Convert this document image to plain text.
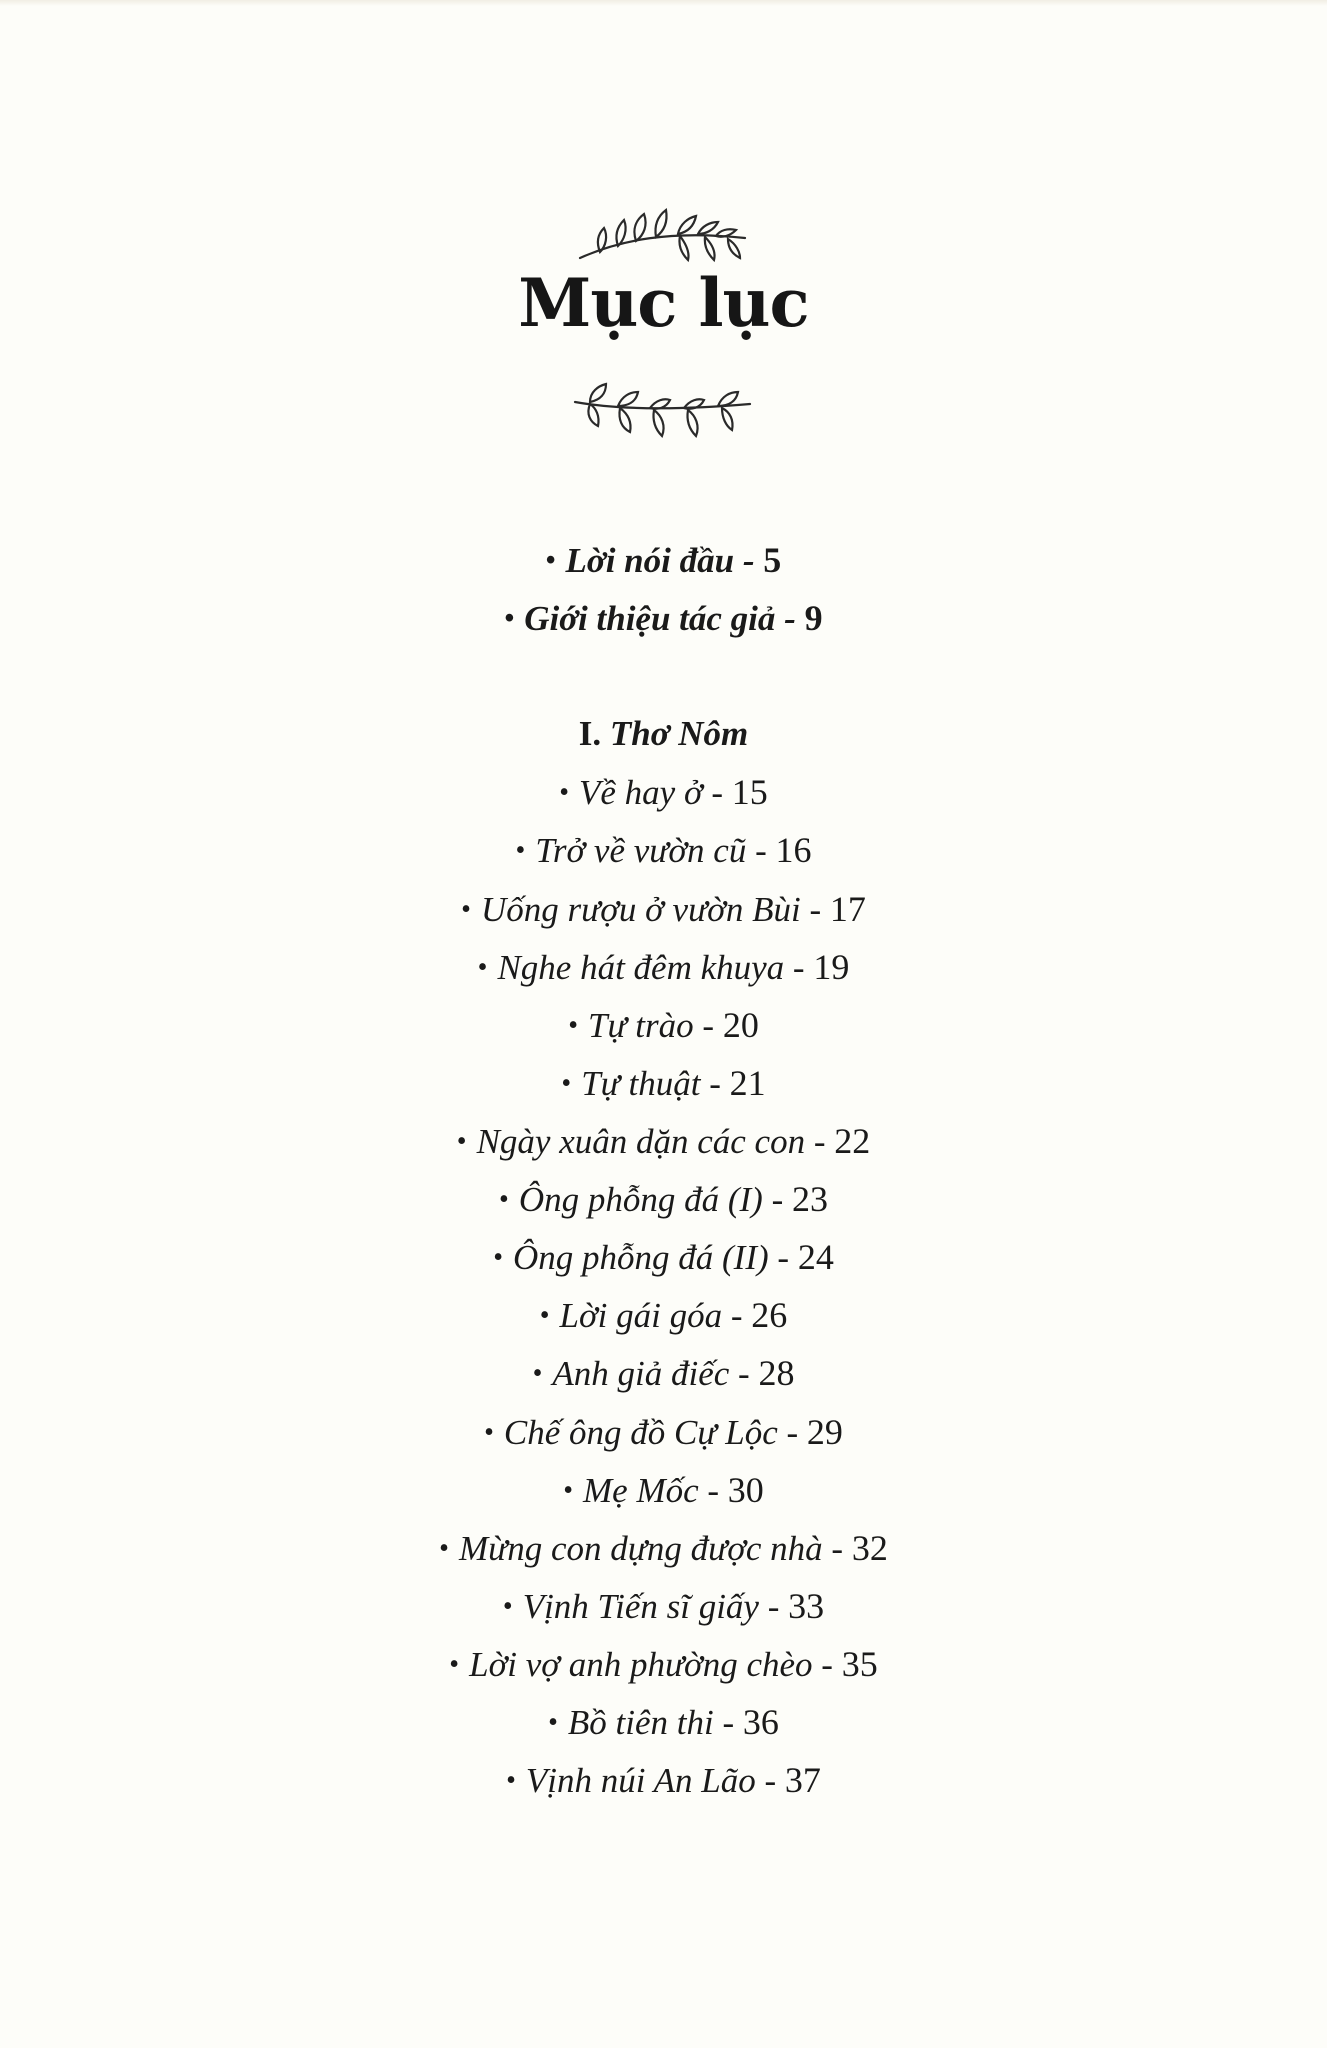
Mục lục
• Lời nói đầu - 5
• Giới thiệu tác giả - 9
I. Thơ Nôm
• Về hay ở - 15
• Trở về vườn cũ - 16
• Uống rượu ở vườn Bùi - 17
• Nghe hát đêm khuya - 19
• Tự trào - 20
• Tự thuật - 21
• Ngày xuân dặn các con - 22
• Ông phỗng đá (I) - 23
• Ông phỗng đá (II) - 24
• Lời gái góa - 26
• Anh giả điếc - 28
• Chế ông đồ Cự Lộc - 29
• Mẹ Mốc - 30
• Mừng con dựng được nhà - 32
• Vịnh Tiến sĩ giấy - 33
• Lời vợ anh phường chèo - 35
• Bồ tiên thi - 36
• Vịnh núi An Lão - 37
